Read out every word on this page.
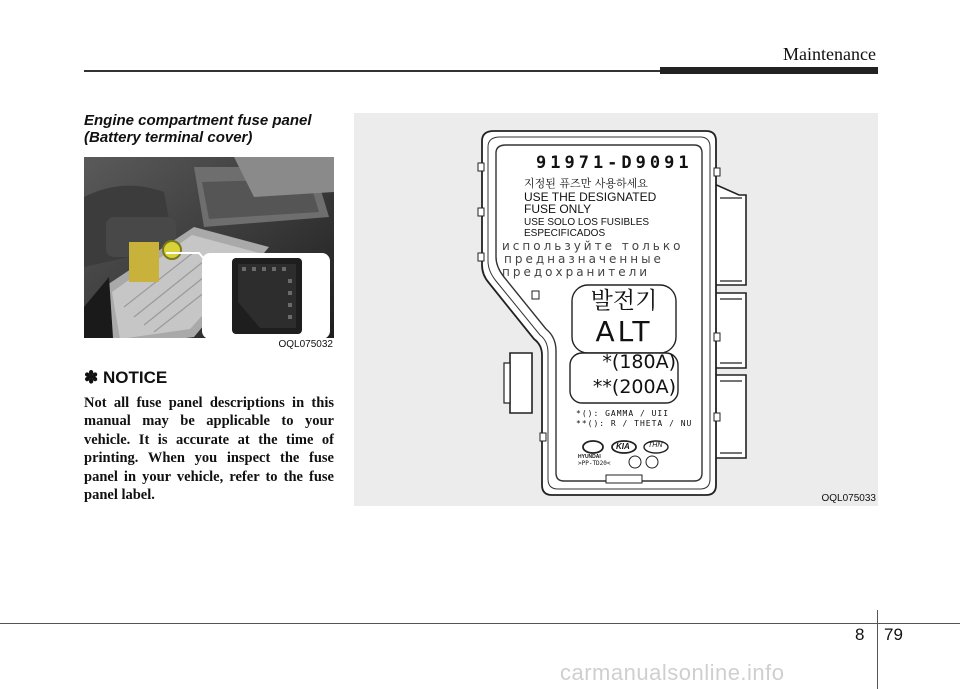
Maintenance
Engine compartment fuse panel
(Battery terminal cover)
OQL075032
✽ NOTICE
Not all fuse panel descriptions in this manual may be applicable to your vehicle. It is accurate at the time of printing. When you inspect the fuse panel in your vehicle, refer to the fuse panel label.
91971-D9091
지정된 퓨즈만 사용하세요
USE THE DESIGNATED
FUSE ONLY
USE SOLO LOS FUSIBLES
ESPECIFICADOS
используйте только
предназначенные
предохранители
발전기
ALT
*(180A)
**(200A)
*(): GAMMA / UII
**(): R / THETA / NU
HYUNDAI
KIA	THN
>PP-TD20<
OQL075033
8 79
carmanualsonline.info
